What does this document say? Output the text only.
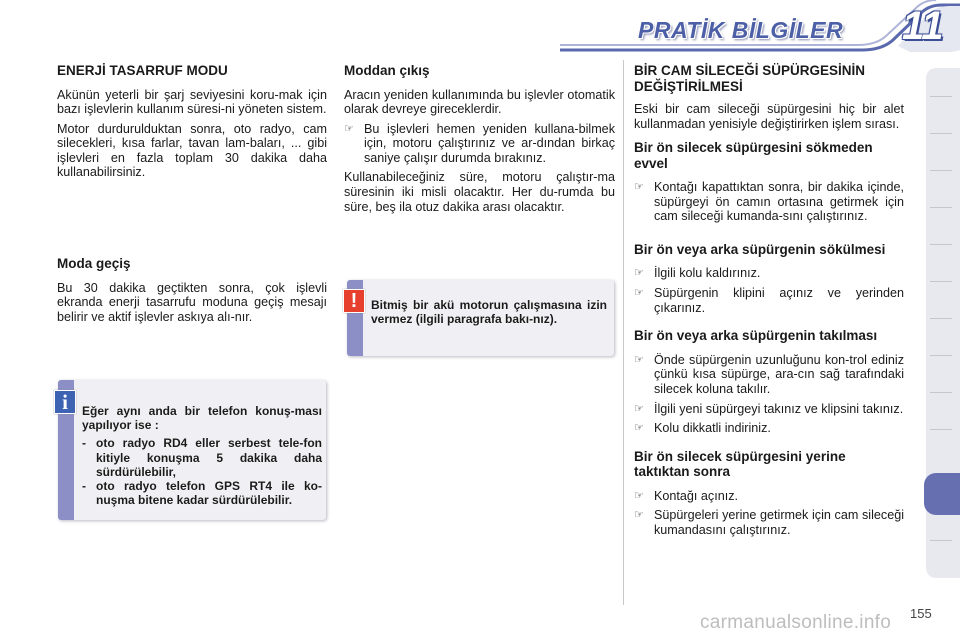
PRATİK BİLGİLER 11
ENERJİ TASARRUF MODU

Akünün yeterli bir şarj seviyesini koru-mak için bazı işlevlerin kullanım süresi-ni yöneten sistem.

Motor durdurulduktan sonra, oto radyo, cam silecekleri, kısa farlar, tavan lam-baları, ... gibi işlevleri en fazla toplam 30 dakika daha kullanabilirsiniz.

Moda geçiş

Bu 30 dakika geçtikten sonra, çok işlevli ekranda enerji tasarrufu moduna geçiş mesajı belirir ve aktif işlevler askıya alı-nır.

Eğer aynı anda bir telefon konuş-ması yapılıyor ise :
- oto radyo RD4 eller serbest tele-fon kitiyle konuşma 5 dakika daha sürdürülebilir,
- oto radyo telefon GPS RT4 ile ko-nuşma bitene kadar sürdürülebilir.
i
Moddan çıkış

Aracın yeniden kullanımında bu işlevler otomatik olarak devreye gireceklerdir.

☞ Bu işlevleri hemen yeniden kullana-bilmek için, motoru çalıştırınız ve ar-dından birkaç saniye çalışır durumda bırakınız.

Kullanabileceğiniz süre, motoru çalıştır-ma süresinin iki misli olacaktır. Her du-rumda bu süre, beş ila otuz dakika arası olacaktır.

Bitmiş bir akü motorun çalışmasına izin vermez (ilgili paragrafa bakı-nız).
!
BİR CAM SİLECEĞİ SÜPÜRGESİNİN DEĞİŞTİRİLMESİ

Eski bir cam sileceği süpürgesini hiç bir alet kullanmadan yenisiyle değiştirirken işlem sırası.

Bir ön silecek süpürgesini sökmeden evvel
☞ Kontağı kapattıktan sonra, bir dakika içinde, süpürgeyi ön camın ortasına getirmek için cam sileceği kumanda-sını çalıştırınız.
Bir ön veya arka süpürgenin sökülmesi
☞ İlgili kolu kaldırınız.
☞ Süpürgenin klipini açınız ve yerinden çıkarınız.
Bir ön veya arka süpürgenin takılması
☞ Önde süpürgenin uzunluğunu kon-trol ediniz çünkü kısa süpürge, ara-cın sağ tarafındaki silecek koluna takılır.
☞ İlgili yeni süpürgeyi takınız ve klipsini takınız.
☞ Kolu dikkatli indiriniz.
Bir ön silecek süpürgesini yerine taktıktan sonra
☞ Kontağı açınız.
☞ Süpürgeleri yerine getirmek için cam sileceği kumandasını çalıştırınız.
155
carmanualsonline.info
